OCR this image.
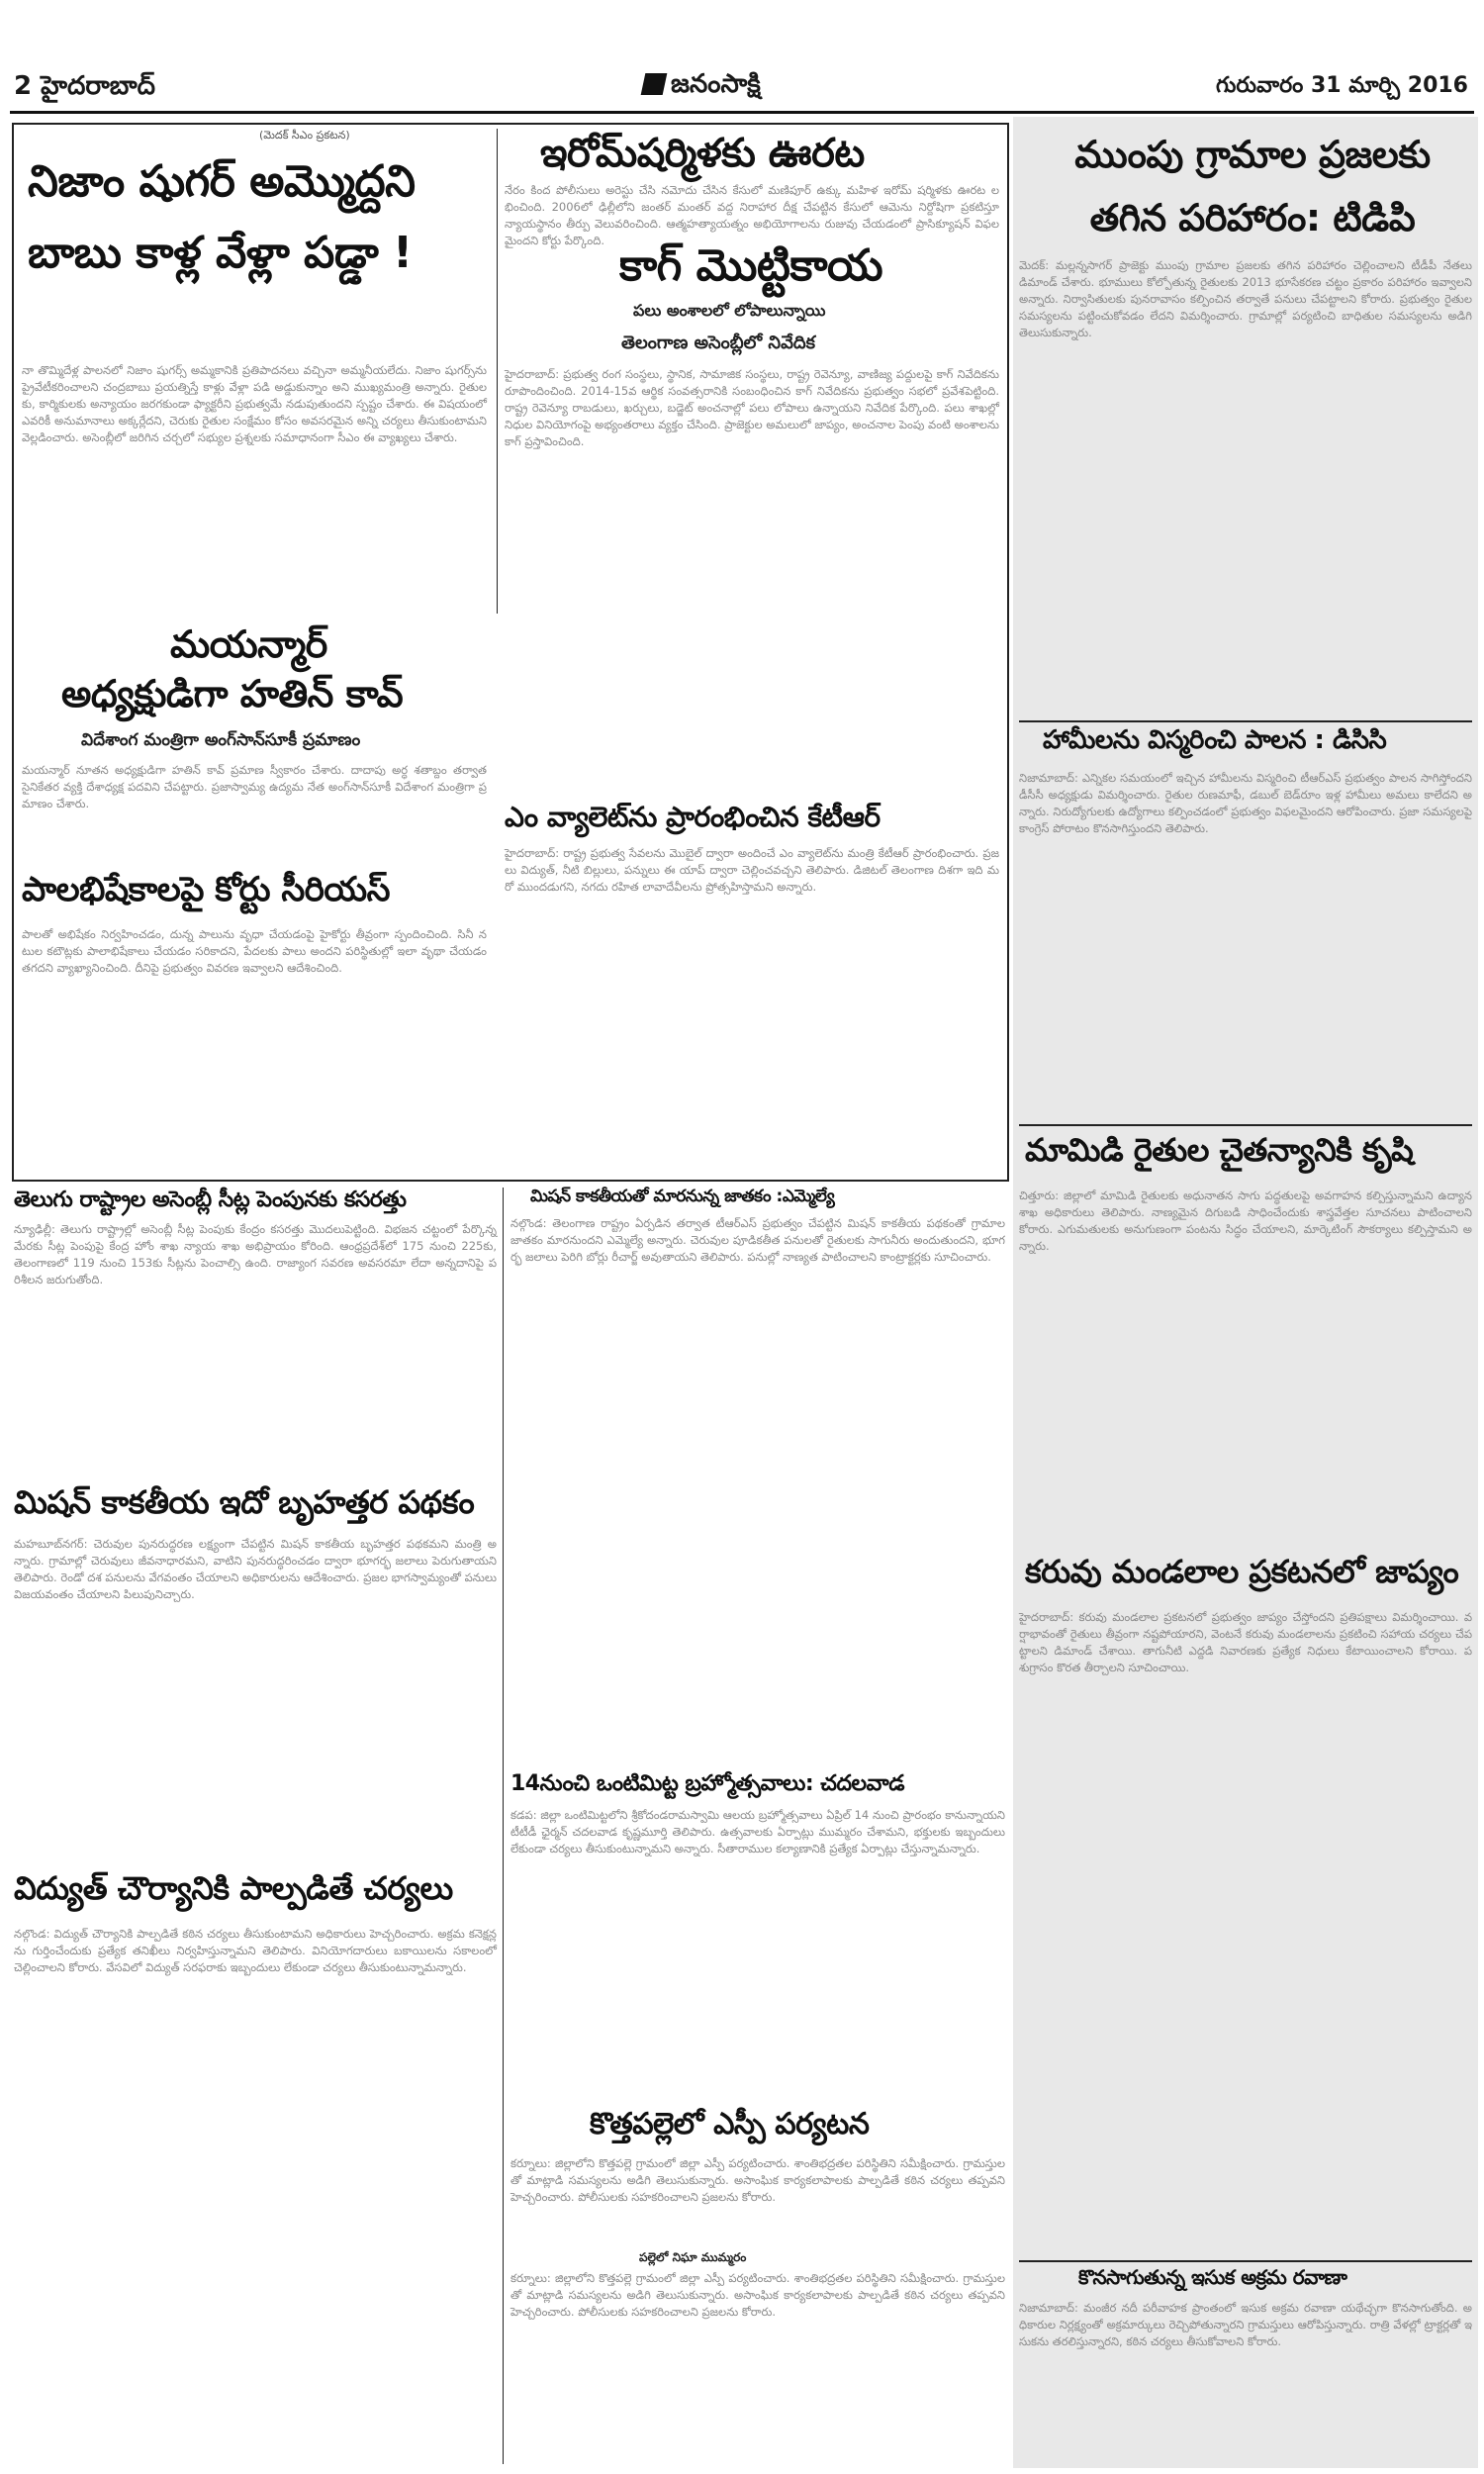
2 హైదరాబాద్	జనంసాక్షి	గురువారం 31 మార్చి 2016
(మెదక్ సీఎం ప్రకటన)
నిజాం షుగర్ అమ్మొద్దని బాబు కాళ్ల వేళ్లా పడ్డా !
నా తొమ్మిదేళ్ల పాలనలో నిజాం షుగర్స్ అమ్మకానికి ప్రతిపాదనలు వచ్చినా అమ్మనీయలేదు. నిజాం షుగర్స్‌ను ప్రైవేటీకరించాలని చంద్రబాబు ప్రయత్నిస్తే కాళ్లు వేళ్లా పడి అడ్డుకున్నాం అని ముఖ్యమంత్రి అన్నారు. రైతులకు, కార్మికులకు అన్యాయం జరగకుండా ఫ్యాక్టరీని ప్రభుత్వమే నడుపుతుందని స్పష్టం చేశారు. ఈ విషయంలో ఎవరికీ అనుమానాలు అక్కర్లేదని, చెరుకు రైతుల సంక్షేమం కోసం అవసరమైన అన్ని చర్యలు తీసుకుంటామని వెల్లడించారు. అసెంబ్లీలో జరిగిన చర్చలో సభ్యుల ప్రశ్నలకు సమాధానంగా సీఎం ఈ వ్యాఖ్యలు చేశారు.
ఇరోమ్‌షర్మిళకు ఊరట
నేరం కింద పోలీసులు అరెస్టు చేసి నమోదు చేసిన కేసులో మణిపూర్ ఉక్కు మహిళ ఇరోమ్ షర్మిళకు ఊరట లభించింది. 2006లో ఢిల్లీలోని జంతర్ మంతర్ వద్ద నిరాహార దీక్ష చేపట్టిన కేసులో ఆమెను నిర్దోషిగా ప్రకటిస్తూ న్యాయస్థానం తీర్పు వెలువరించింది. ఆత్మహత్యాయత్నం అభియోగాలను రుజువు చేయడంలో ప్రాసిక్యూషన్ విఫలమైందని కోర్టు పేర్కొంది. కాగ్ మొట్టికాయ
పలు అంశాలలో లోపాలున్నాయి
తెలంగాణ అసెంబ్లీలో నివేదిక
హైదరాబాద్: ప్రభుత్వ రంగ సంస్థలు, స్థానిక, సామాజిక సంస్థలు, రాష్ట్ర రెవెన్యూ, వాణిజ్య పద్దులపై కాగ్ నివేదికను రూపొందించింది. 2014-15వ ఆర్థిక సంవత్సరానికి సంబంధించిన కాగ్ నివేదికను ప్రభుత్వం సభలో ప్రవేశపెట్టింది. రాష్ట్ర రెవెన్యూ రాబడులు, ఖర్చులు, బడ్జెట్ అంచనాల్లో పలు లోపాలు ఉన్నాయని నివేదిక పేర్కొంది. పలు శాఖల్లో నిధుల వినియోగంపై అభ్యంతరాలు వ్యక్తం చేసింది. ప్రాజెక్టుల అమలులో జాప్యం, అంచనాల పెంపు వంటి అంశాలను కాగ్ ప్రస్తావించింది.
మయన్మార్
అధ్యక్షుడిగా హతిన్ కావ్
విదేశాంగ మంత్రిగా అంగ్‌సాన్‌సూకీ ప్రమాణం
మయన్మార్ నూతన అధ్యక్షుడిగా హతిన్ కావ్ ప్రమాణ స్వీకారం చేశారు. దాదాపు అర్ధ శతాబ్దం తర్వాత సైనికేతర వ్యక్తి దేశాధ్యక్ష పదవిని చేపట్టారు. ప్రజాస్వామ్య ఉద్యమ నేత అంగ్‌సాన్‌సూకీ విదేశాంగ మంత్రిగా ప్రమాణం చేశారు.	ఎం వ్యాలెట్‌ను ప్రారంభించిన కేటీఆర్
హైదరాబాద్: రాష్ట్ర ప్రభుత్వ సేవలను మొబైల్ ద్వారా అందించే ఎం వ్యాలెట్‌ను మంత్రి కేటీఆర్ ప్రారంభించారు. ప్రజలు విద్యుత్, నీటి బిల్లులు, పన్నులు ఈ యాప్ ద్వారా చెల్లించవచ్చని తెలిపారు. డిజిటల్ తెలంగాణ దిశగా ఇది మరో ముందడుగని, నగదు రహిత లావాదేవీలను ప్రోత్సహిస్తామని అన్నారు.
పాలభిషేకాలపై కోర్టు సీరియస్
పాలతో అభిషేకం నిర్వహించడం, దున్న పాలును వృధా చేయడంపై హైకోర్టు తీవ్రంగా స్పందించింది. సినీ నటుల కటౌట్లకు పాలాభిషేకాలు చేయడం సరికాదని, పేదలకు పాలు అందని పరిస్థితుల్లో ఇలా వృథా చేయడం తగదని వ్యాఖ్యానించింది. దీనిపై ప్రభుత్వం వివరణ ఇవ్వాలని ఆదేశించింది.
తెలుగు రాష్ట్రాల అసెంబ్లీ సీట్ల పెంపునకు కసరత్తు
న్యూఢిల్లీ: తెలుగు రాష్ట్రాల్లో అసెంబ్లీ సీట్ల పెంపుకు కేంద్రం కసరత్తు మొదలుపెట్టింది. విభజన చట్టంలో పేర్కొన్న మేరకు సీట్ల పెంపుపై కేంద్ర హోం శాఖ న్యాయ శాఖ అభిప్రాయం కోరింది. ఆంధ్రప్రదేశ్‌లో 175 నుంచి 225కు, తెలంగాణలో 119 నుంచి 153కు సీట్లను పెంచాల్సి ఉంది. రాజ్యాంగ సవరణ అవసరమా లేదా అన్నదానిపై పరిశీలన జరుగుతోంది.
మిషన్ కాకతీయ ఇదో బృహత్తర పథకం
మహబూబ్‌నగర్: చెరువుల పునరుద్ధరణ లక్ష్యంగా చేపట్టిన మిషన్ కాకతీయ బృహత్తర పథకమని మంత్రి అన్నారు. గ్రామాల్లో చెరువులు జీవనాధారమని, వాటిని పునరుద్ధరించడం ద్వారా భూగర్భ జలాలు పెరుగుతాయని తెలిపారు. రెండో దశ పనులను వేగవంతం చేయాలని అధికారులను ఆదేశించారు. ప్రజల భాగస్వామ్యంతో పనులు విజయవంతం చేయాలని పిలుపునిచ్చారు.
విద్యుత్ చౌర్యానికి పాల్పడితే చర్యలు
నల్గొండ: విద్యుత్ చౌర్యానికి పాల్పడితే కఠిన చర్యలు తీసుకుంటామని అధికారులు హెచ్చరించారు. అక్రమ కనెక్షన్లను గుర్తించేందుకు ప్రత్యేక తనిఖీలు నిర్వహిస్తున్నామని తెలిపారు. వినియోగదారులు బకాయిలను సకాలంలో చెల్లించాలని కోరారు. వేసవిలో విద్యుత్ సరఫరాకు ఇబ్బందులు లేకుండా చర్యలు తీసుకుంటున్నామన్నారు.
మిషన్ కాకతీయతో మారనున్న జాతకం :ఎమ్మెల్యే
నల్గొండ: తెలంగాణ రాష్ట్రం ఏర్పడిన తర్వాత టీఆర్‌ఎస్ ప్రభుత్వం చేపట్టిన మిషన్ కాకతీయ పథకంతో గ్రామాల జాతకం మారనుందని ఎమ్మెల్యే అన్నారు. చెరువుల పూడికతీత పనులతో రైతులకు సాగునీరు అందుతుందని, భూగర్భ జలాలు పెరిగి బోర్లు రీచార్జ్ అవుతాయని తెలిపారు. పనుల్లో నాణ్యత పాటించాలని కాంట్రాక్టర్లకు సూచించారు.
14నుంచి ఒంటిమిట్ట బ్రహ్మోత్సవాలు: చదలవాడ
కడప: జిల్లా ఒంటిమిట్టలోని శ్రీకోదండరామస్వామి ఆలయ బ్రహ్మోత్సవాలు ఏప్రిల్ 14 నుంచి ప్రారంభం కానున్నాయని టీటీడీ ఛైర్మన్ చదలవాడ కృష్ణమూర్తి తెలిపారు. ఉత్సవాలకు ఏర్పాట్లు ముమ్మరం చేశామని, భక్తులకు ఇబ్బందులు లేకుండా చర్యలు తీసుకుంటున్నామని అన్నారు. సీతారాముల కల్యాణానికి ప్రత్యేక ఏర్పాట్లు చేస్తున్నామన్నారు.
కొత్తపల్లెలో ఎస్పీ పర్యటన
కర్నూలు: జిల్లాలోని కొత్తపల్లె గ్రామంలో జిల్లా ఎస్పీ పర్యటించారు. శాంతిభద్రతల పరిస్థితిని సమీక్షించారు. గ్రామస్తులతో మాట్లాడి సమస్యలను అడిగి తెలుసుకున్నారు. అసాంఘిక కార్యకలాపాలకు పాల్పడితే కఠిన చర్యలు తప్పవని హెచ్చరించారు. పోలీసులకు సహకరించాలని ప్రజలను కోరారు.
పల్లెలో నిఘా ముమ్మరం
కర్నూలు: జిల్లాలోని కొత్తపల్లె గ్రామంలో జిల్లా ఎస్పీ పర్యటించారు. శాంతిభద్రతల పరిస్థితిని సమీక్షించారు. గ్రామస్తులతో మాట్లాడి సమస్యలను అడిగి తెలుసుకున్నారు. అసాంఘిక కార్యకలాపాలకు పాల్పడితే కఠిన చర్యలు తప్పవని హెచ్చరించారు. పోలీసులకు సహకరించాలని ప్రజలను కోరారు.
ముంపు గ్రామాల ప్రజలకు తగిన పరిహారం: టిడిపి
మెదక్: మల్లన్నసాగర్ ప్రాజెక్టు ముంపు గ్రామాల ప్రజలకు తగిన పరిహారం చెల్లించాలని టీడీపీ నేతలు డిమాండ్ చేశారు. భూములు కోల్పోతున్న రైతులకు 2013 భూసేకరణ చట్టం ప్రకారం పరిహారం ఇవ్వాలని అన్నారు. నిర్వాసితులకు పునరావాసం కల్పించిన తర్వాతే పనులు చేపట్టాలని కోరారు. ప్రభుత్వం రైతుల సమస్యలను పట్టించుకోవడం లేదని విమర్శించారు. గ్రామాల్లో పర్యటించి బాధితుల సమస్యలను అడిగి తెలుసుకున్నారు.
హామీలను విస్మరించి పాలన : డిసిసి
నిజామాబాద్: ఎన్నికల సమయంలో ఇచ్చిన హామీలను విస్మరించి టీఆర్‌ఎస్ ప్రభుత్వం పాలన సాగిస్తోందని డీసీసీ అధ్యక్షుడు విమర్శించారు. రైతుల రుణమాఫీ, డబుల్ బెడ్‌రూం ఇళ్ల హామీలు అమలు కాలేదని అన్నారు. నిరుద్యోగులకు ఉద్యోగాలు కల్పించడంలో ప్రభుత్వం విఫలమైందని ఆరోపించారు. ప్రజా సమస్యలపై కాంగ్రెస్ పోరాటం కొనసాగిస్తుందని తెలిపారు.
మామిడి రైతుల చైతన్యానికి కృషి
చిత్తూరు: జిల్లాలో మామిడి రైతులకు అధునాతన సాగు పద్ధతులపై అవగాహన కల్పిస్తున్నామని ఉద్యాన శాఖ అధికారులు తెలిపారు. నాణ్యమైన దిగుబడి సాధించేందుకు శాస్త్రవేత్తల సూచనలు పాటించాలని కోరారు. ఎగుమతులకు అనుగుణంగా పంటను సిద్ధం చేయాలని, మార్కెటింగ్ సౌకర్యాలు కల్పిస్తామని అన్నారు.
కరువు మండలాల ప్రకటనలో జాప్యం
హైదరాబాద్: కరువు మండలాల ప్రకటనలో ప్రభుత్వం జాప్యం చేస్తోందని ప్రతిపక్షాలు విమర్శించాయి. వర్షాభావంతో రైతులు తీవ్రంగా నష్టపోయారని, వెంటనే కరువు మండలాలను ప్రకటించి సహాయ చర్యలు చేపట్టాలని డిమాండ్ చేశాయి. తాగునీటి ఎద్దడి నివారణకు ప్రత్యేక నిధులు కేటాయించాలని కోరాయి. పశుగ్రాసం కొరత తీర్చాలని సూచించాయి.
కొనసాగుతున్న ఇసుక అక్రమ రవాణా
నిజామాబాద్: మంజీర నదీ పరీవాహక ప్రాంతంలో ఇసుక అక్రమ రవాణా యథేచ్ఛగా కొనసాగుతోంది. అధికారుల నిర్లక్ష్యంతో అక్రమార్కులు రెచ్చిపోతున్నారని గ్రామస్తులు ఆరోపిస్తున్నారు. రాత్రి వేళల్లో ట్రాక్టర్లతో ఇసుకను తరలిస్తున్నారని, కఠిన చర్యలు తీసుకోవాలని కోరారు.
